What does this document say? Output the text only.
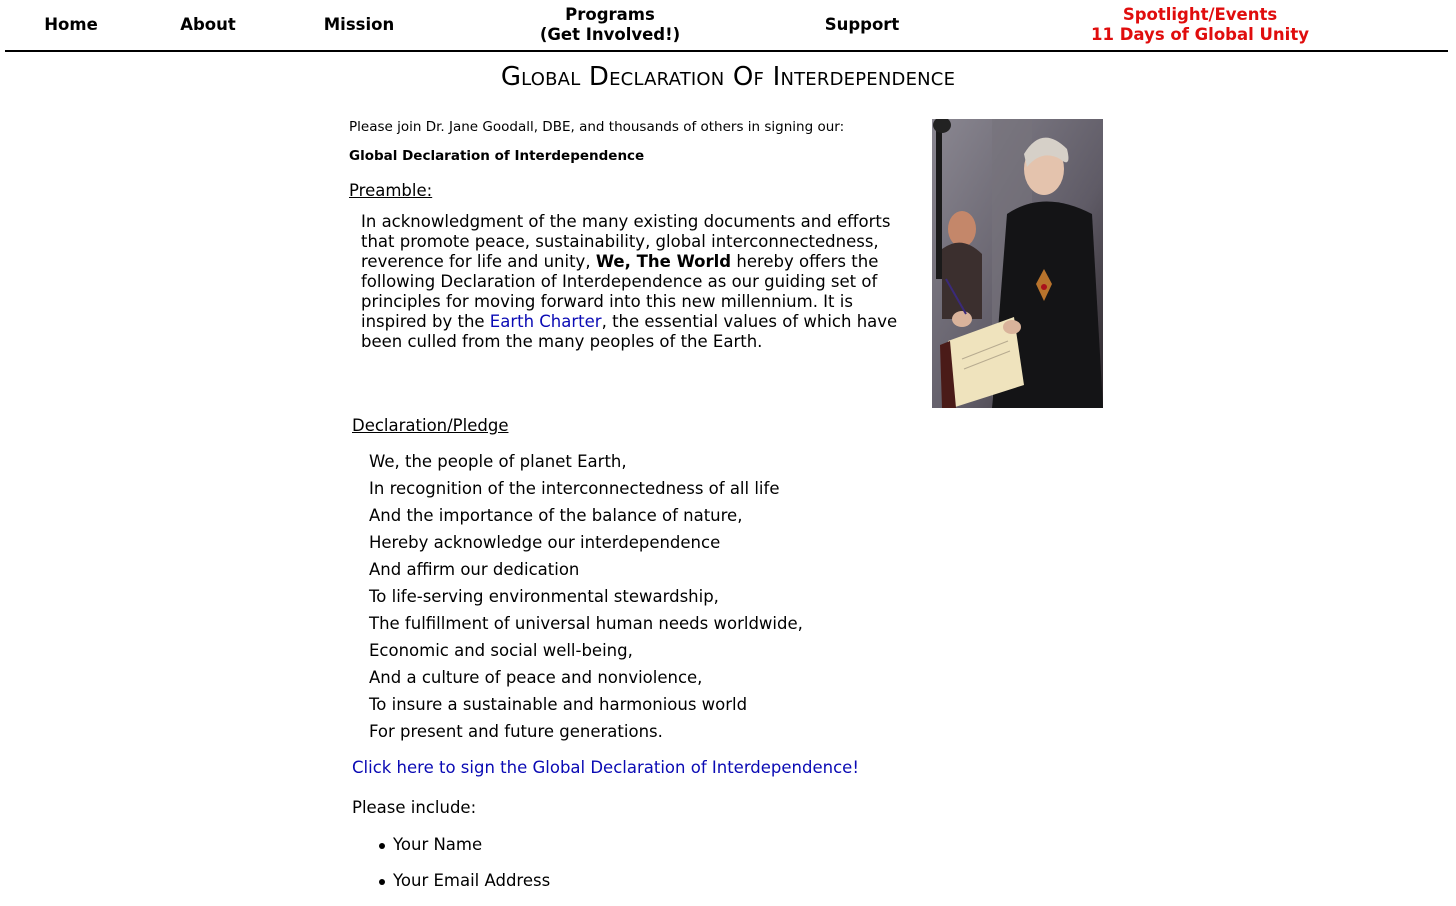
Home	About	Mission
Programs
(Get Involved!)
Support
Spotlight/Events
11 Days of Global Unity
Global Declaration Of Interdependence

Please join Dr. Jane Goodall, DBE, and thousands of others in signing our:

Global Declaration of Interdependence

Preamble:

In acknowledgment of the many existing documents and efforts that promote peace, sustainability, global interconnectedness, reverence for life and unity, We, The World hereby offers the following Declaration of Interdependence as our guiding set of principles for moving forward into this new millennium. It is inspired by the Earth Charter, the essential values of which have been culled from the many peoples of the Earth.

Declaration/Pledge

We, the people of planet Earth,
In recognition of the interconnectedness of all life
And the importance of the balance of nature,
Hereby acknowledge our interdependence
And affirm our dedication
To life-serving environmental stewardship,
The fulfillment of universal human needs worldwide,
Economic and social well-being,
And a culture of peace and nonviolence,
To insure a sustainable and harmonious world
For present and future generations.
Click here to sign the Global Declaration of Interdependence!

Please include:

Your Name
Your Email Address
